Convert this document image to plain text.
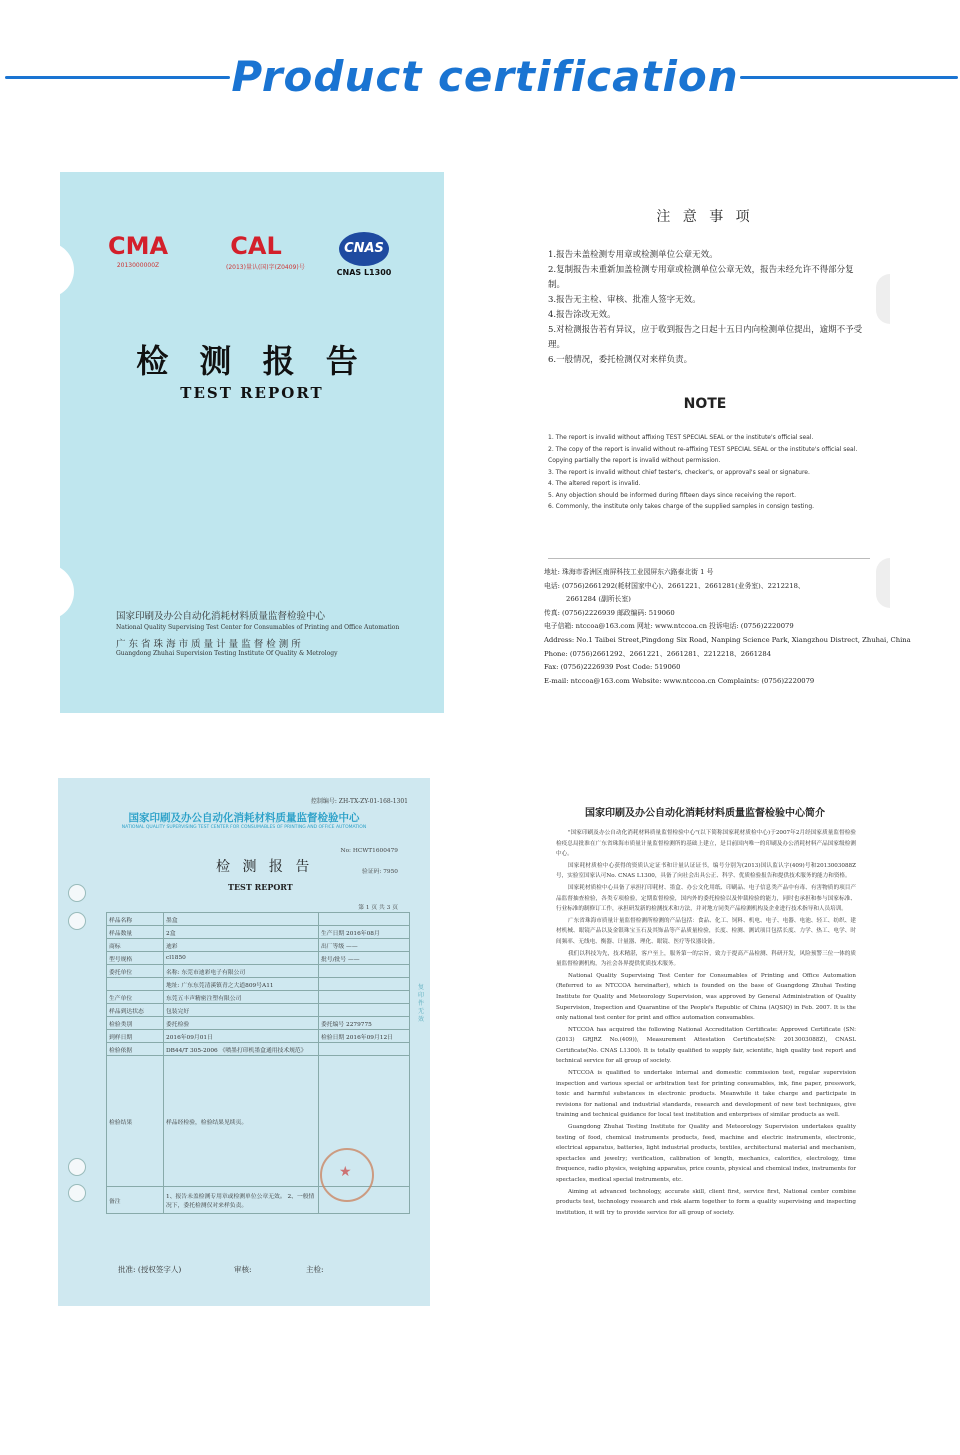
Product certification
CMA
2013000000Z
CAL
(2013)量认(国)字(Z0409)号
CNAS
CNAS L1300
检 测 报 告
TEST REPORT
国家印刷及办公自动化消耗材料质量监督检验中心
National Quality Supervising Test Center for Consumables of Printing and Office Automation
广 东 省 珠 海 市 质 量 计 量 监 督 检 测 所
Guangdong Zhuhai Supervision Testing Institute Of Quality & Metrology
注 意 事 项
1.报告未盖检测专用章或检测单位公章无效。
2.复制报告未重新加盖检测专用章或检测单位公章无效，报告未经允许不得部分复制。
3.报告无主检、审核、批准人签字无效。
4.报告涂改无效。
5.对检测报告若有异议，应于收到报告之日起十五日内向检测单位提出，逾期不予受理。
6.一般情况，委托检测仅对来样负责。
NOTE
1. The report is invalid without affixing TEST SPECIAL SEAL or the institute's official seal.
2. The copy of the report is invalid without re-affixing TEST SPECIAL SEAL or the institute's official seal. Copying partially the report is invalid without permission.
3. The report is invalid without chief tester's, checker's, or approval's seal or signature.
4. The altered report is invalid.
5. Any objection should be informed during fifteen days since receiving the report.
6. Commonly, the institute only takes charge of the supplied samples in consign testing.
地址: 珠海市香洲区南屏科技工业园屏东六路泰北街 1 号
电话: (0756)2661292(耗材国家中心)、2661221、2661281(业务室)、2212218、
2661284 (副所长室)
传真: (0756)2226939 邮政编码: 519060
电子信箱: ntccoa@163.com 网址: www.ntccoa.cn 投诉电话: (0756)2220079
Address: No.1 Taibei Street,Pingdong Six Road, Nanping Science Park, Xiangzhou Distrect, Zhuhai, China
Phone: (0756)2661292、2661221、2661281、2212218、2661284
Fax: (0756)2226939 Post Code: 519060
E-mail: ntccoa@163.com Website: www.ntccoa.cn Complaints: (0756)2220079
控制编号: ZH-TX-ZY-01-168-1301
国家印刷及办公自动化消耗材料质量监督检验中心
NATIONAL QUALITY SUPERVISING TEST CENTER FOR CONSUMABLES OF PRINTING AND OFFICE AUTOMATION
No: HCWT1600479
检 测 报 告	验证码: 7950
TEST REPORT
第 1 页 共 3 页
样品名称	墨盒	
样品数量	2盒	生产日期 2016年08月
商标	迪彩	出厂等级 ——
型号规格	cl1850	批号/批号 ——
委托单位	名称: 东莞市迪彩电子有限公司	
	地址: 广东东莞清溪镇青之大道809号A11	
生产单位	东莞五丰声精密注塑有限公司	
样品到达状态	包装完好	
检验类别	委托检验	委托编号 2279775
到样日期	2016年09月01日	检验日期 2016年09月12日
检验依据	DB44/T 305-2006 《喷墨打印机墨盒通用技术规范》	
检验结果	样品经检验，检验结果见续页。	
备注	1、报告未盖检测专用章或检测单位公章无效。 2、一般情况下，委托检测仅对来样负责。	
★
批准: (授权签字人)	审核:	主检:
复印件无效
国家印刷及办公自动化消耗材料质量监督检验中心简介
"国家印刷及办公自动化消耗材料质量监督检验中心"(以下简称国家耗材质检中心)于2007年2月经国家质量监督检验检疫总局批准在广东省珠海市质量计量监督检测所的基础上建立，是目前国内唯一的印刷及办公消耗材料产品国家级检测中心。
国家耗材质检中心获得的资质认定证书和计量认证证书，编号分别为(2013)国认监认字(409)号和2013003088Z号，实验室国家认可No. CNAS L1300，具备了向社会出具公正、科学、优质检验报告和提供技术服务的能力和资格。
国家耗材质检中心具备了承担打印耗材、墨盒、办公文化用纸、印刷品、电子信息类产品中有毒、有害物质的项目产品监督抽查检验，各类专项检验，定期监督检验，国内外的委托检验以及仲裁检验的能力，同时也承担和参与国家标准、行业标准的制修订工作，承担研发新的检测技术和方法，并对地方同类产品检测机构及企业进行技术指导和人员培训。
广东省珠海市质量计量监督检测所检测的产品包括：食品、化工、饲料、机电、电子、电器、电池、轻工、纺织、建材机械、眼镜产品以及金银珠宝玉石及其饰品等产品质量检验，长度、检测、测试项目包括长度、力学、热工、电学、时间频率、无线电、衡器、计量器、理化、眼镜、医疗等仪器设备。
我们以科技为先，技术精湛，客户至上，服务第一的宗旨，致力于提高产品检测、科研开发，风险预警三位一体的质量监督检测机构，为社会各界提供优质技术服务。
National Quality Supervising Test Center for Consumables of Printing and Office Automation (Referred to as NTCCOA hereinafter), which is founded on the base of Guangdong Zhuhai Testing Institute for Quality and Meteorology Supervision, was approved by General Administration of Quality Supervision, Inspection and Quarantine of the People's Republic of China (AQSIQ) in Feb. 2007. It is the only national test center for print and office automation consumables.
NTCCOA has acquired the following National Accreditation Certificate: Approved Certificate (SN: (2013) GRJRZ No.(409)), Measurement Attestation Certificate(SN: 2013003088Z), CNASL Certificate(No. CNAS L1300). It is totally qualified to supply fair, scientific, high quality test report and technical service for all group of society.
NTCCOA is qualified to undertake internal and domestic commission test, regular supervision inspection and various special or arbitration test for printing consumables, ink, fine paper, presswork, toxic and harmful substances in electronic products. Meanwhile it take charge and participate in revisions for national and industrial standards, research and development of new test techniques, give training and technical guidance for local test institution and enterprises of similar products as well.
Guangdong Zhuhai Testing Institute for Quality and Meteorology Supervision undertakes quality testing of food, chemical instruments products, feed, machine and electric instruments, electronic, electrical apparatus, batteries, light industrial products, textiles, architectural material and mechanism, spectacles and jewelry; verification, calibration of length, mechanics, calorifics, electrology, time frequence, radio physics, weighing apparatus, price counts, physical and chemical index, instruments for spectacles, medical special instruments, etc.
Aiming at advanced technology, accurate skill, client first, service first, National center combine products test, technology research and risk alarm together to form a quality supervising and inspecting institution, it will try to provide service for all group of society.
